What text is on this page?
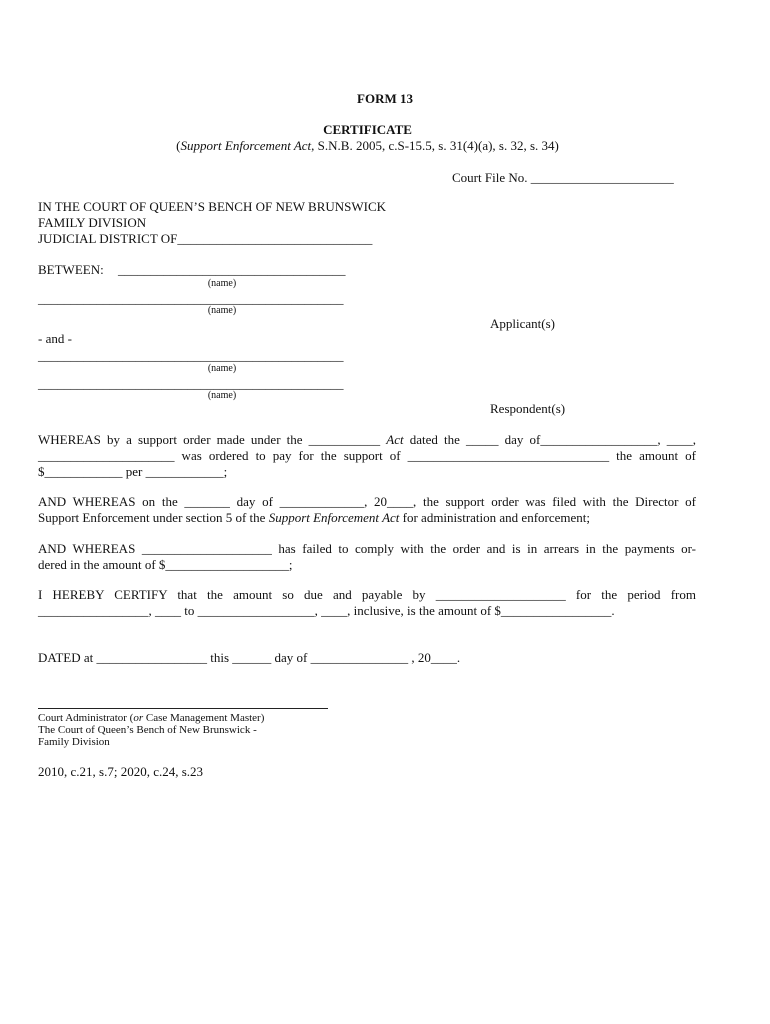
FORM 13
CERTIFICATE
(Support Enforcement Act, S.N.B. 2005, c.S-15.5, s. 31(4)(a), s. 32, s. 34)
Court File No. ______________________
IN THE COURT OF QUEEN’S BENCH OF NEW BRUNSWICK
FAMILY DIVISION
JUDICIAL DISTRICT OF______________________________
BETWEEN: ___________________________________
(name)
_______________________________________________
(name)
Applicant(s)
- and -
_______________________________________________
(name)
_______________________________________________
(name)
Respondent(s)
WHEREAS by a support order made under the ___________ Act dated the _____ day of__________________, ____,
_____________________ was ordered to pay for the support of _______________________________ the amount of
$____________ per ____________;
AND WHEREAS on the _______ day of _____________, 20____, the support order was filed with the Director of
Support Enforcement under section 5 of the Support Enforcement Act for administration and enforcement;
AND WHEREAS ____________________ has failed to comply with the order and is in arrears in the payments or-
dered in the amount of $___________________;
I HEREBY CERTIFY that the amount so due and payable by ____________________ for the period from
_________________, ____ to __________________, ____, inclusive, is the amount of $_________________.
DATED at _________________ this ______ day of _______________ , 20____.
Court Administrator (or Case Management Master)
The Court of Queen’s Bench of New Brunswick -
Family Division
2010, c.21, s.7; 2020, c.24, s.23
